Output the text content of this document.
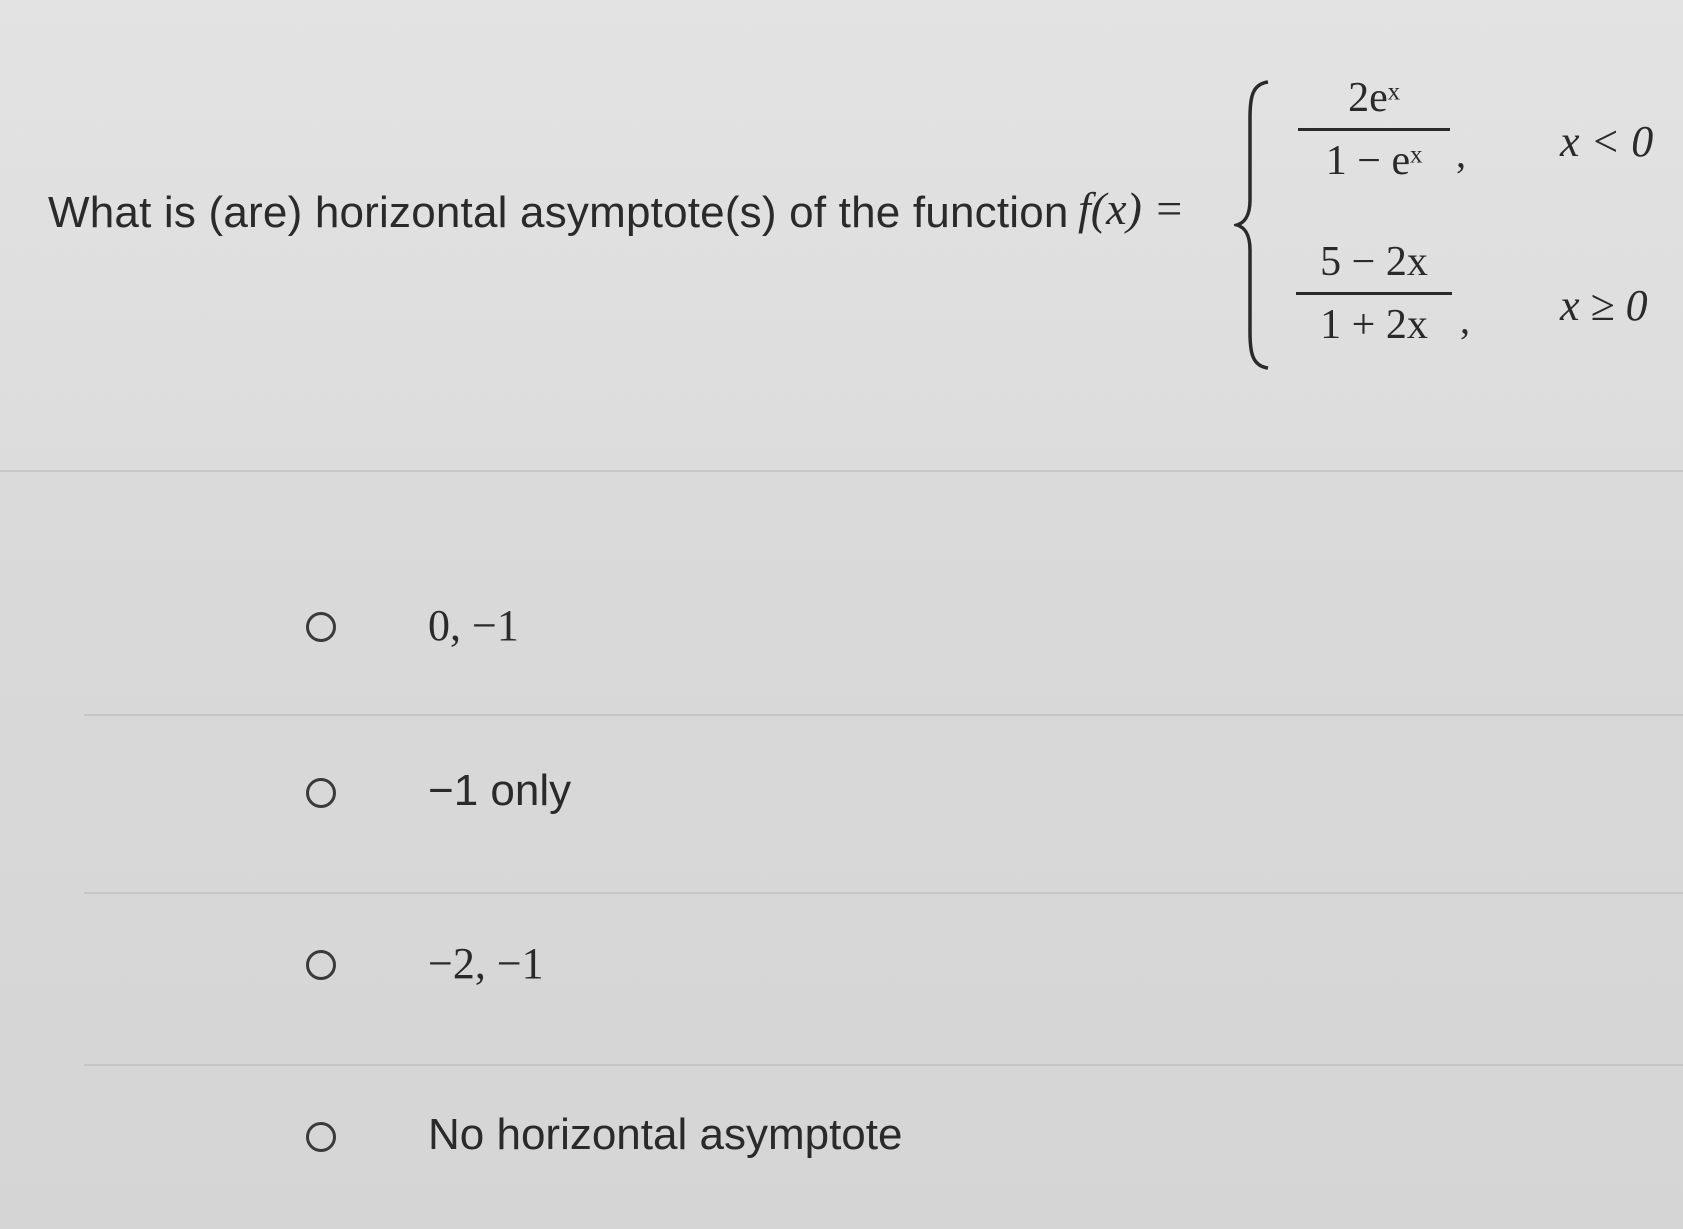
What is (are) horizontal asymptote(s) of the function f(x) =
2eˣ
1 − eˣ , x < 0
5 − 2x
1 + 2x , x ≥ 0
0, −1
−1 only
−2, −1
No horizontal asymptote
